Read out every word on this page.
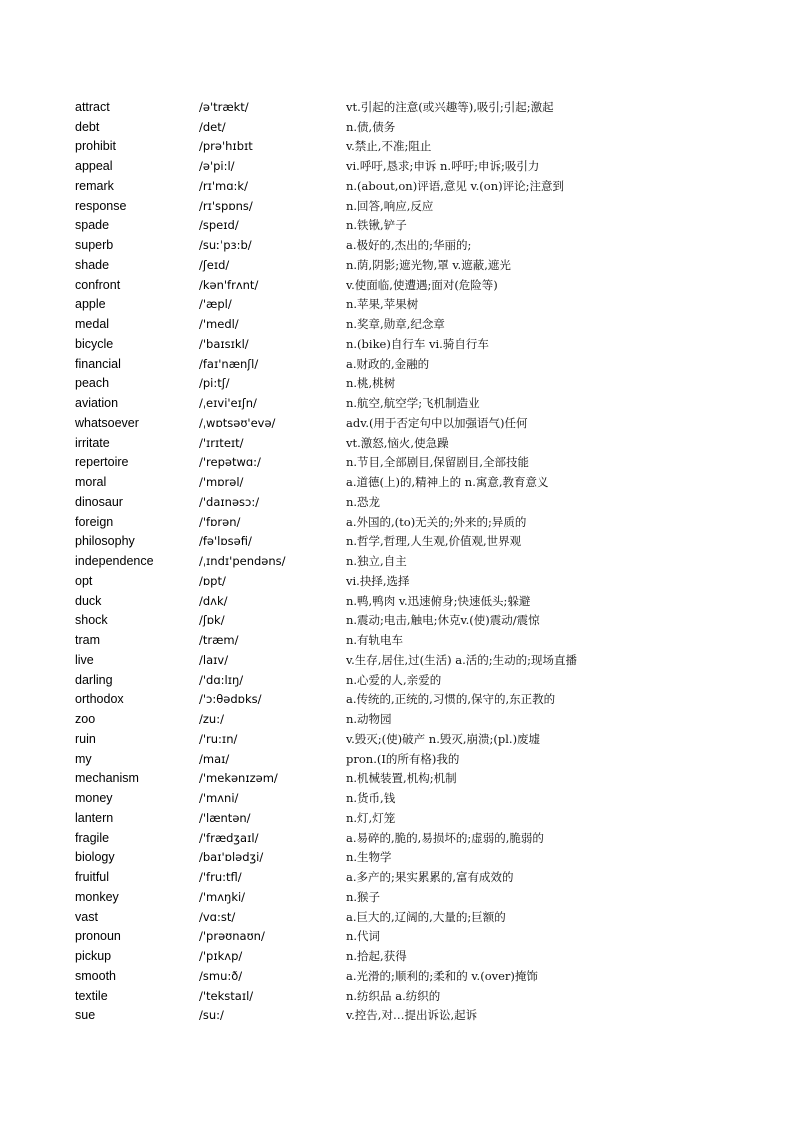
attract	/ə'trækt/	vt.引起的注意(或兴趣等),吸引;引起;激起
debt	/det/	n.债,债务
prohibit	/prə'hɪbɪt	v.禁止,不准;阻止
appeal	/ə'pi:l/	vi.呼吁,恳求;申诉 n.呼吁;申诉;吸引力
remark	/rɪ'mɑ:k/	n.(about,on)评语,意见 v.(on)评论;注意到
response	/rɪ'spɒns/	n.回答,响应,反应
spade	/speɪd/	n.铁锹,铲子
superb	/suːˈpɜ:b/	a.极好的,杰出的;华丽的;
shade	/ʃeɪd/	n.荫,阴影;遮光物,罩 v.遮蔽,遮光
confront	/kən'frʌnt/	v.使面临,使遭遇;面对(危险等)
apple	/'æpl/	n.苹果,苹果树
medal	/'medl/	n.奖章,勋章,纪念章
bicycle	/'baɪsɪkl/	n.(bike)自行车 vi.骑自行车
financial	/faɪ'nænʃl/	a.财政的,金融的
peach	/pi:tʃ/	n.桃,桃树
aviation	/ˌeɪvi'eɪʃn/	n.航空,航空学;飞机制造业
whatsoever	/ˌwɒtsəʊ'evə/	adv.(用于否定句中以加强语气)任何
irritate	/'ɪrɪteɪt/	vt.激怒,恼火,使急躁
repertoire	/'repətwɑ:/	n.节目,全部剧目,保留剧目,全部技能
moral	/'mɒrəl/	a.道德(上)的,精神上的 n.寓意,教育意义
dinosaur	/'daɪnəsɔ:/	n.恐龙
foreign	/'fɒrən/	a.外国的,(to)无关的;外来的;异质的
philosophy	/fə'lɒsəfi/	n.哲学,哲理,人生观,价值观,世界观
independence	/ˌɪndɪ'pendəns/	n.独立,自主
opt	/ɒpt/	vi.抉择,选择
duck	/dʌk/	n.鸭,鸭肉 v.迅速俯身;快速低头;躲避
shock	/ʃɒk/	n.震动;电击,触电;休克v.(使)震动/震惊
tram	/træm/	n.有轨电车
live	/laɪv/	v.生存,居住,过(生活) a.活的;生动的;现场直播
darling	/'dɑ:lɪŋ/	n.心爱的人,亲爱的
orthodox	/'ɔ:θədɒks/	a.传统的,正统的,习惯的,保守的,东正教的
zoo	/zu:/	n.动物园
ruin	/'ru:ɪn/	v.毁灭;(使)破产 n.毁灭,崩溃;(pl.)废墟
my	/maɪ/	pron.(I的所有格)我的
mechanism	/'mekənɪzəm/	n.机械装置,机构;机制
money	/'mʌni/	n.货币,钱
lantern	/'læntən/	n.灯,灯笼
fragile	/'frædʒaɪl/	a.易碎的,脆的,易损坏的;虚弱的,脆弱的
biology	/baɪ'ɒlədʒi/	n.生物学
fruitful	/'fru:tfl/	a.多产的;果实累累的,富有成效的
monkey	/'mʌŋki/	n.猴子
vast	/vɑ:st/	a.巨大的,辽阔的,大量的;巨额的
pronoun	/'prəʊnaʊn/	n.代词
pickup	/'pɪkʌp/	n.拾起,获得
smooth	/smu:ð/	a.光滑的;顺利的;柔和的 v.(over)掩饰
textile	/'tekstaɪl/	n.纺织品 a.纺织的
sue	/su:/	v.控告,对…提出诉讼,起诉
